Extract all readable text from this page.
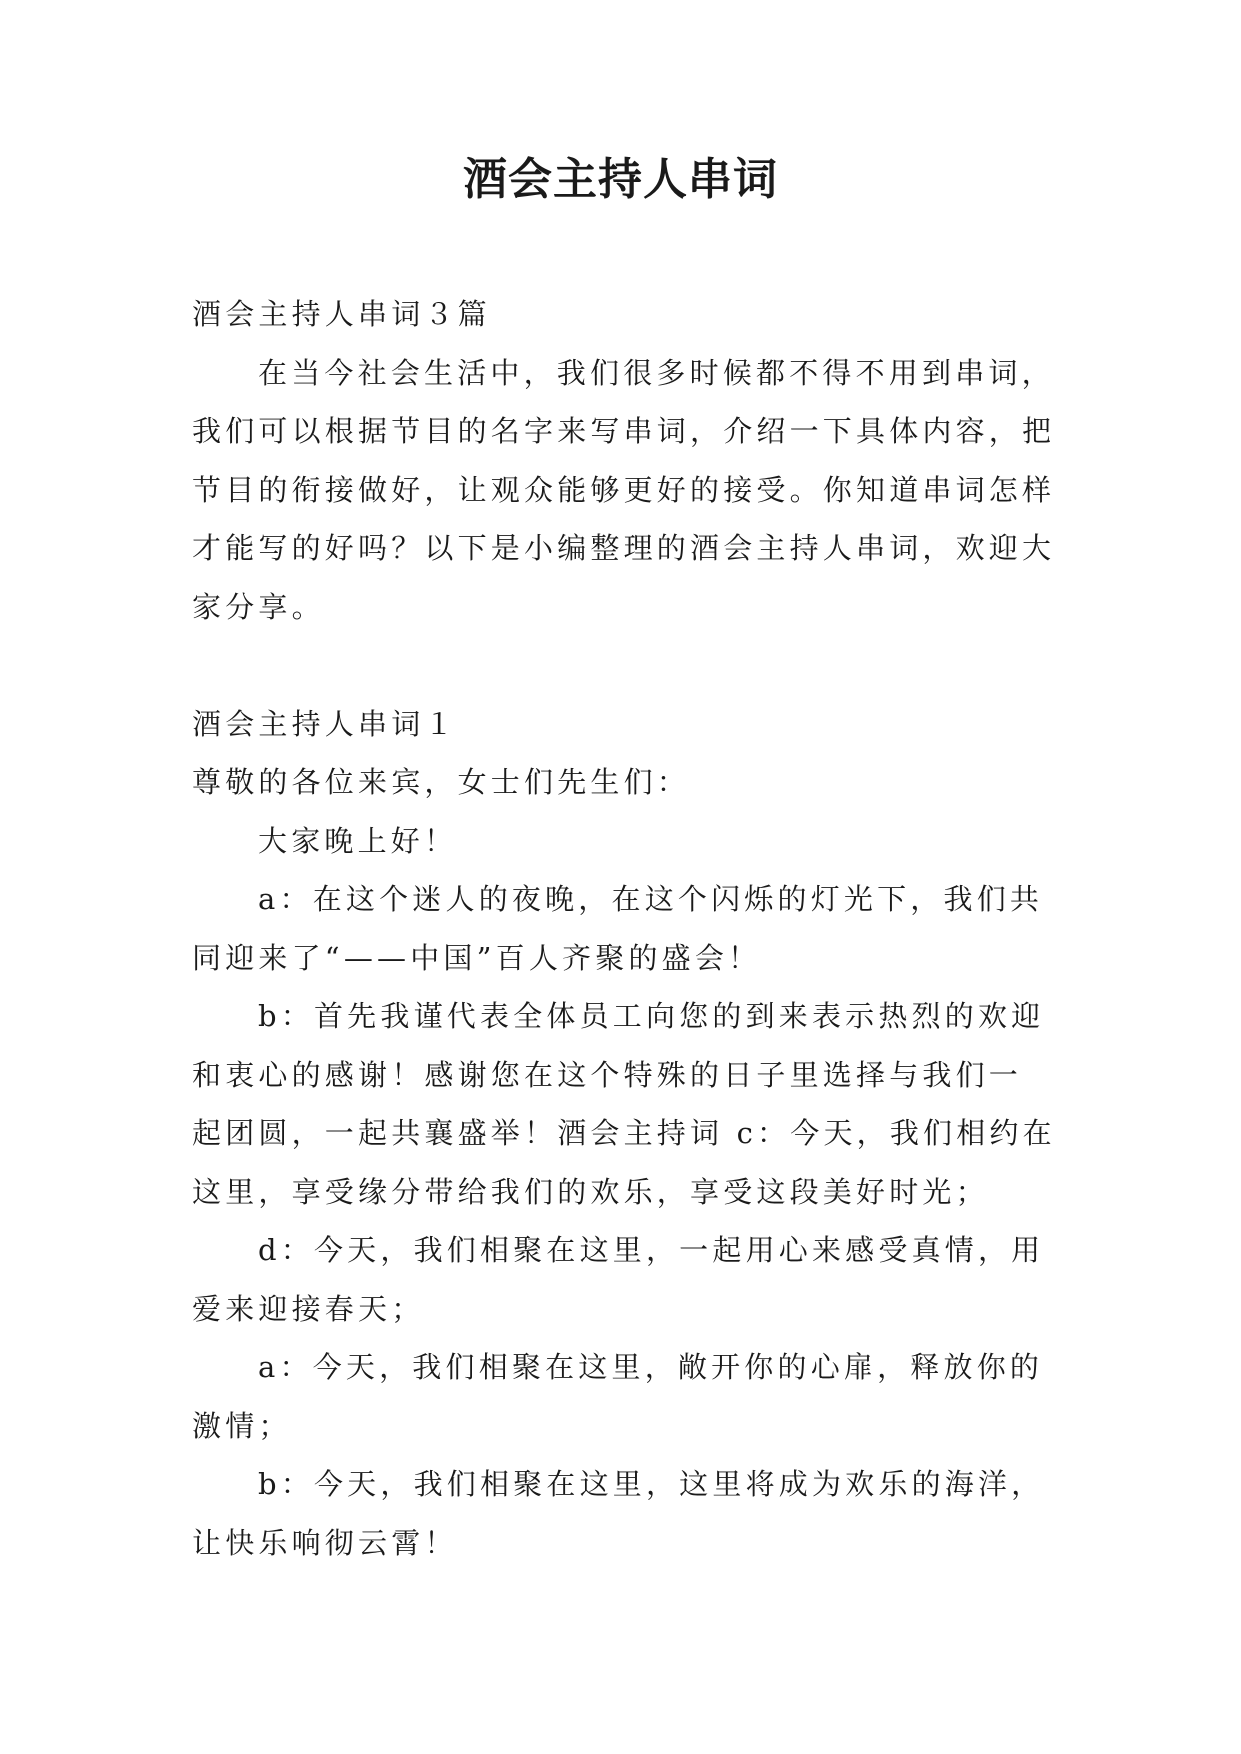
酒会主持人串词

酒会主持人串词３篇

在当今社会生活中，我们很多时候都不得不用到串词，

我们可以根据节目的名字来写串词，介绍一下具体内容，把

节目的衔接做好，让观众能够更好的接受。你知道串词怎样

才能写的好吗？以下是小编整理的酒会主持人串词，欢迎大

家分享。

酒会主持人串词１

尊敬的各位来宾，女士们先生们：

大家晚上好！

a：在这个迷人的夜晚，在这个闪烁的灯光下，我们共

同迎来了“——中国”百人齐聚的盛会！

b：首先我谨代表全体员工向您的到来表示热烈的欢迎

和衷心的感谢！感谢您在这个特殊的日子里选择与我们一

起团圆，一起共襄盛举！酒会主持词 c：今天，我们相约在

这里，享受缘分带给我们的欢乐，享受这段美好时光；

d：今天，我们相聚在这里，一起用心来感受真情，用

爱来迎接春天；

a：今天，我们相聚在这里，敞开你的心扉，释放你的

激情；

b：今天，我们相聚在这里，这里将成为欢乐的海洋，

让快乐响彻云霄！
